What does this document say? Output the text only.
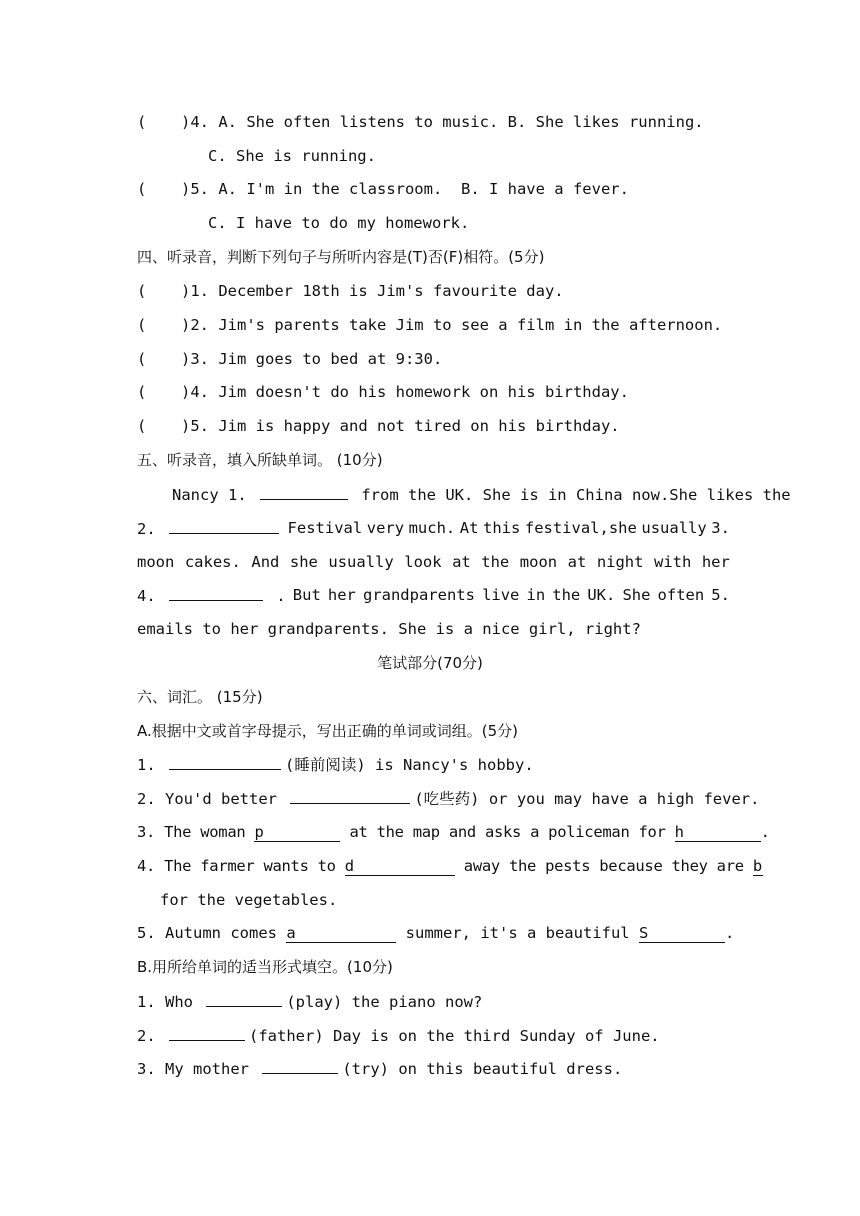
( )4. A. She often listens to music. B. She likes running.
C. She is running.
( )5. A. I'm in the classroom. B. I have a fever.
C. I have to do my homework.
四、听录音，判断下列句子与所听内容是(T)否(F)相符。(5分)
( )1. December 18th is Jim's favourite day.
( )2. Jim's parents take Jim to see a film in the afternoon.
( )3. Jim goes to bed at 9:30.
( )4. Jim doesn't do his homework on his birthday.
( )5. Jim is happy and not tired on his birthday.
五、听录音，填入所缺单词。 (10分)
Nancy 1.	from the UK. She is in China now.She likes the
2.	Festival very much. At this festival,she usually 3.
moon cakes. And she usually look at the moon at night with her
4.	. But her grandparents live in the UK. She often 5.
emails to her grandparents. She is a nice girl, right?
笔试部分(70分)
六、词汇。 (15分)
A.根据中文或首字母提示，写出正确的单词或词组。(5分)
1.	(睡前阅读) is Nancy's hobby.
2. You'd better	(吃些药) or you may have a high fever.
3. The woman p	at the map and asks a policeman for h	.
4. The farmer wants to d	away the pests because they are b
for the vegetables.
5. Autumn comes a	summer, it's a beautiful S	.
B.用所给单词的适当形式填空。(10分)
1. Who	(play) the piano now?
2.	(father) Day is on the third Sunday of June.
3. My mother	(try) on this beautiful dress.
